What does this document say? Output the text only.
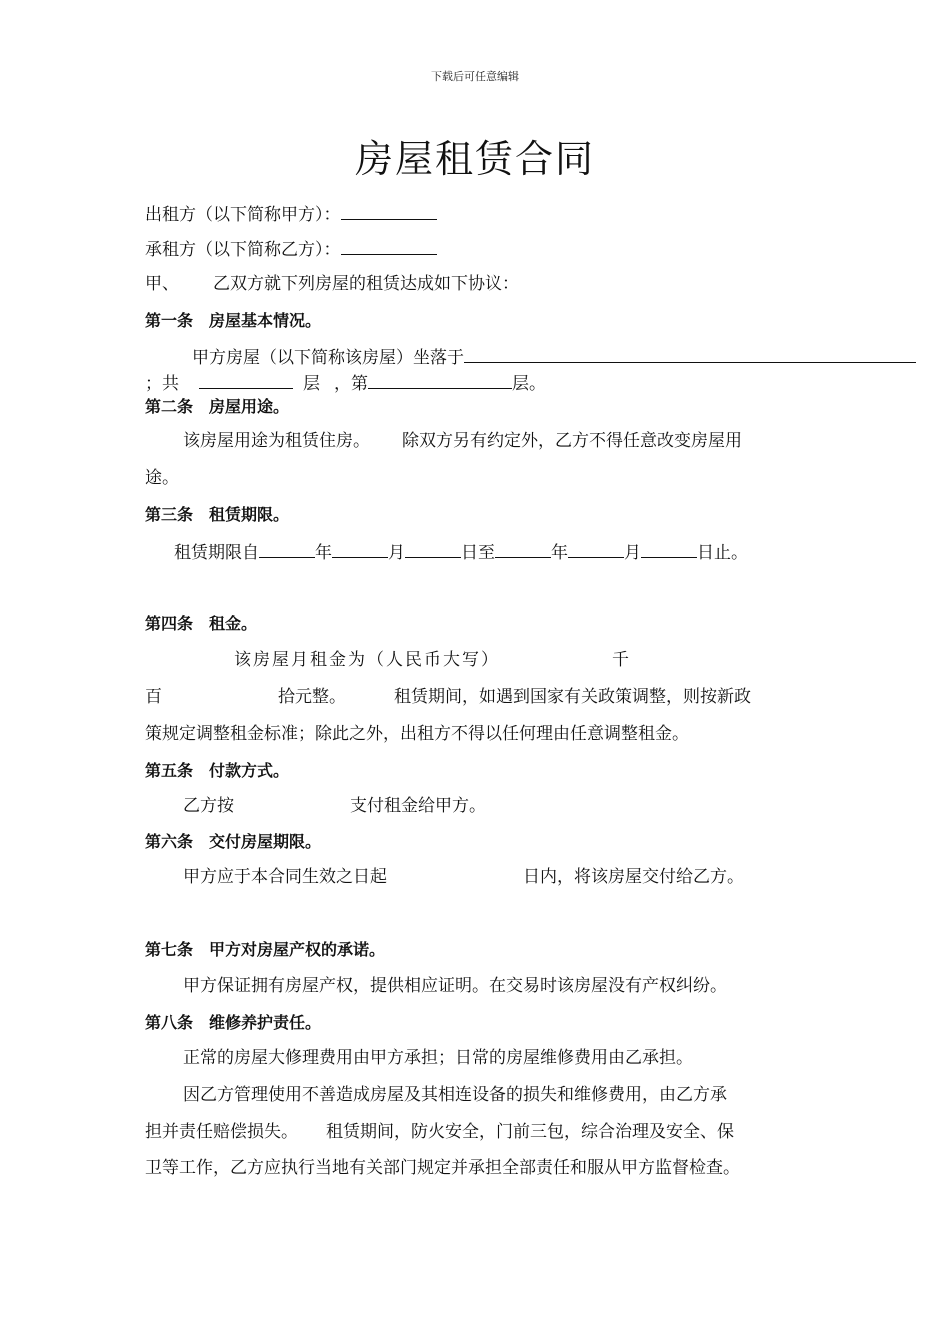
下载后可任意编辑
房屋租赁合同
出租方（以下简称甲方）：
承租方（以下简称乙方）：
甲、 乙双方就下列房屋的租赁达成如下协议：
第一条　房屋基本情况。
甲方房屋（以下简称该房屋）坐落于
；共	层 ，第	层。
第二条　房屋用途。
该房屋用途为租赁住房。 除双方另有约定外，乙方不得任意改变房屋用
途。
第三条　租赁期限。
租赁期限自	年	月	日至	年	月	日止。
第四条　租金。
该房屋月租金为（人民币大写）	千
百	拾元整。	租赁期间，如遇到国家有关政策调整，则按新政
策规定调整租金标准；除此之外，出租方不得以任何理由任意调整租金。
第五条　付款方式。
乙方按	支付租金给甲方。
第六条　交付房屋期限。
甲方应于本合同生效之日起	日内，将该房屋交付给乙方。
第七条　甲方对房屋产权的承诺。
甲方保证拥有房屋产权，提供相应证明。在交易时该房屋没有产权纠纷。
第八条　维修养护责任。
正常的房屋大修理费用由甲方承担；日常的房屋维修费用由乙承担。
因乙方管理使用不善造成房屋及其相连设备的损失和维修费用，由乙方承
担并责任赔偿损失。 租赁期间，防火安全，门前三包，综合治理及安全、保
卫等工作，乙方应执行当地有关部门规定并承担全部责任和服从甲方监督检查。
